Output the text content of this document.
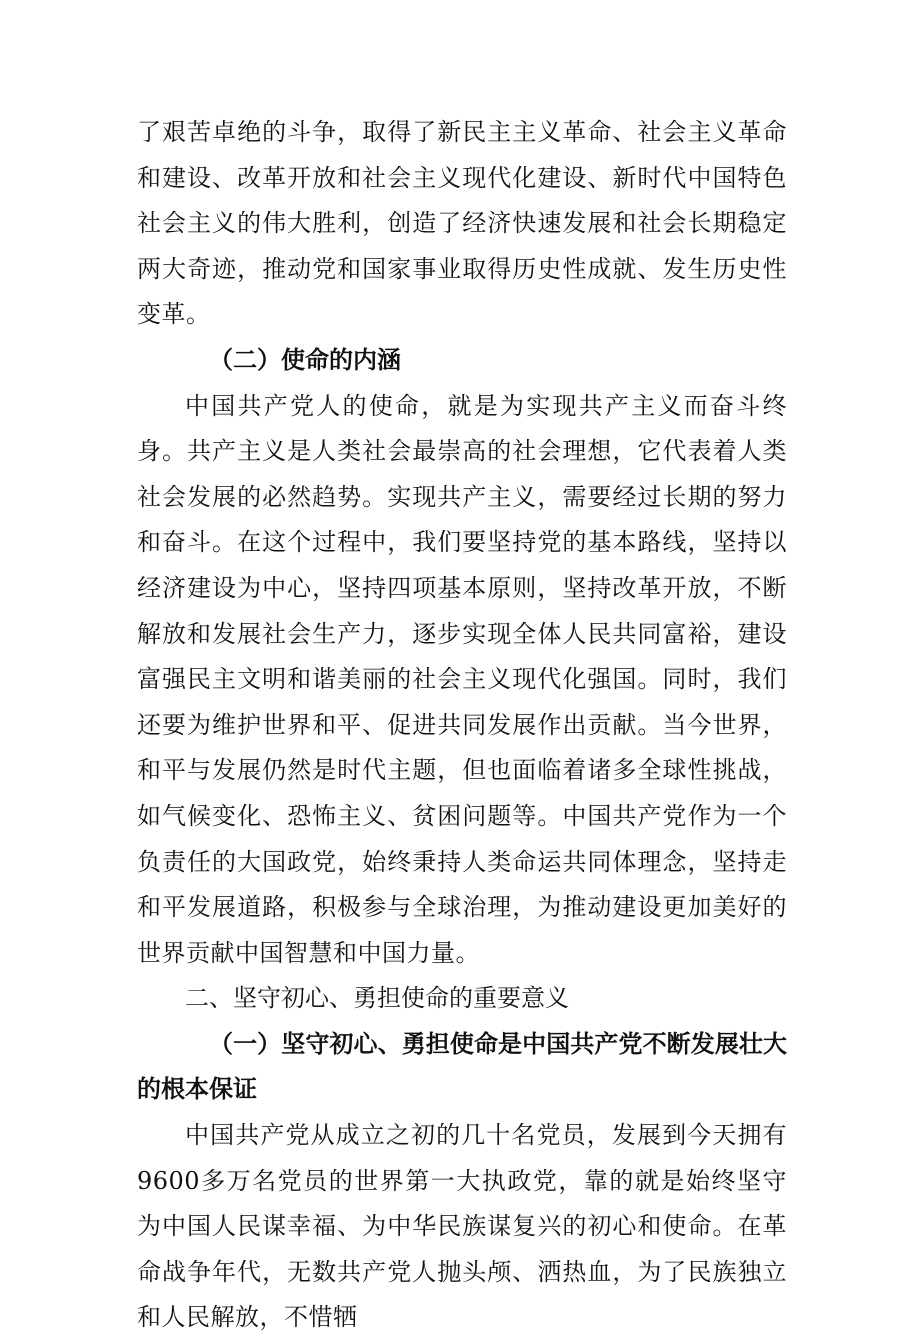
了艰苦卓绝的斗争，取得了新民主主义革命、社会主义革命和建设、改革开放和社会主义现代化建设、新时代中国特色社会主义的伟大胜利，创造了经济快速发展和社会长期稳定两大奇迹，推动党和国家事业取得历史性成就、发生历史性变革。

（二）使命的内涵

中国共产党人的使命，就是为实现共产主义而奋斗终身。共产主义是人类社会最崇高的社会理想，它代表着人类社会发展的必然趋势。实现共产主义，需要经过长期的努力和奋斗。在这个过程中，我们要坚持党的基本路线，坚持以经济建设为中心，坚持四项基本原则，坚持改革开放，不断解放和发展社会生产力，逐步实现全体人民共同富裕，建设富强民主文明和谐美丽的社会主义现代化强国。同时，我们还要为维护世界和平、促进共同发展作出贡献。当今世界，和平与发展仍然是时代主题，但也面临着诸多全球性挑战，如气候变化、恐怖主义、贫困问题等。中国共产党作为一个负责任的大国政党，始终秉持人类命运共同体理念，坚持走和平发展道路，积极参与全球治理，为推动建设更加美好的世界贡献中国智慧和中国力量。

二、坚守初心、勇担使命的重要意义

（一）坚守初心、勇担使命是中国共产党不断发展壮大的根本保证

中国共产党从成立之初的几十名党员，发展到今天拥有9600多万名党员的世界第一大执政党，靠的就是始终坚守为中国人民谋幸福、为中华民族谋复兴的初心和使命。在革命战争年代，无数共产党人抛头颅、洒热血，为了民族独立和人民解放，不惜牺
